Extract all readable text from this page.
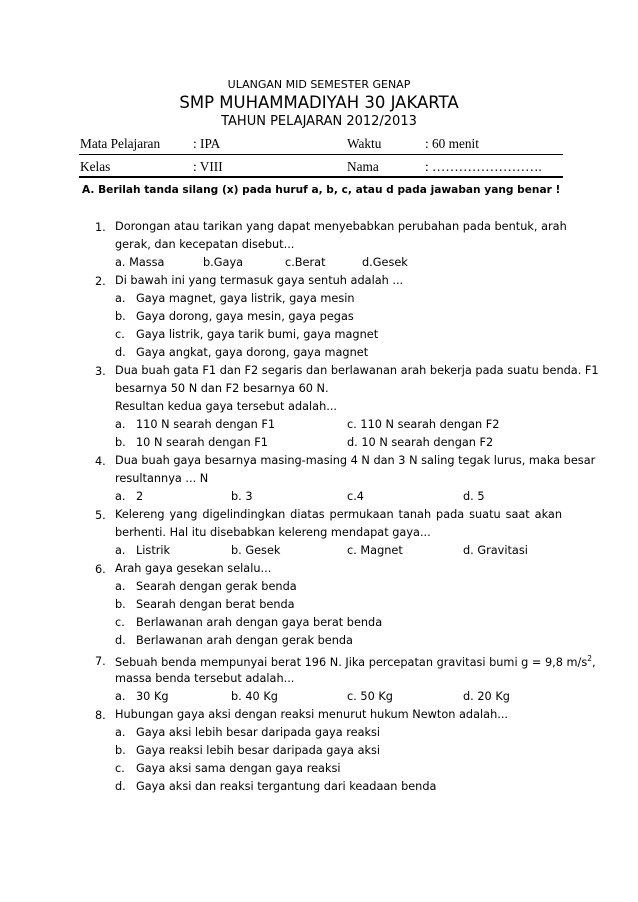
ULANGAN MID SEMESTER GENAP
SMP MUHAMMADIYAH 30 JAKARTA
TAHUN PELAJARAN 2012/2013
Mata Pelajaran : IPA	Waktu	: 60 menit
Kelas	: VIII	Nama	: …………………….
A. Berilah tanda silang (x) pada huruf a, b, c, atau d pada jawaban yang benar !
1. Dorongan atau tarikan yang dapat menyebabkan perubahan pada bentuk, arah
gerak, dan kecepatan disebut...
a. Massa	b.Gaya	c.Berat	d.Gesek
2. Di bawah ini yang termasuk gaya sentuh adalah ...
a. Gaya magnet, gaya listrik, gaya mesin
b. Gaya dorong, gaya mesin, gaya pegas
c. Gaya listrik, gaya tarik bumi, gaya magnet
d. Gaya angkat, gaya dorong, gaya magnet
3. Dua buah gata F1 dan F2 segaris dan berlawanan arah bekerja pada suatu benda. F1
besarnya 50 N dan F2 besarnya 60 N.
Resultan kedua gaya tersebut adalah...
a. 110 N searah dengan F1	c. 110 N searah dengan F2
b. 10 N searah dengan F1	d. 10 N searah dengan F2
4. Dua buah gaya besarnya masing-masing 4 N dan 3 N saling tegak lurus, maka besar
resultannya ... N
a. 2	b. 3	c.4	d. 5
5. Kelereng yang digelindingkan diatas permukaan tanah pada suatu saat akan
berhenti. Hal itu disebabkan kelereng mendapat gaya...
a. Listrik	b. Gesek	c. Magnet	d. Gravitasi
6. Arah gaya gesekan selalu...
a. Searah dengan gerak benda
b. Searah dengan berat benda
c. Berlawanan arah dengan gaya berat benda
d. Berlawanan arah dengan gerak benda
7. Sebuah benda mempunyai berat 196 N. Jika percepatan gravitasi bumi g = 9,8 $m/s^2$,
massa benda tersebut adalah...
a. 30 Kg	b. 40 Kg	c. 50 Kg	d. 20 Kg
8. Hubungan gaya aksi dengan reaksi menurut hukum Newton adalah...
a. Gaya aksi lebih besar daripada gaya reaksi
b. Gaya reaksi lebih besar daripada gaya aksi
c. Gaya aksi sama dengan gaya reaksi
d. Gaya aksi dan reaksi tergantung dari keadaan benda
